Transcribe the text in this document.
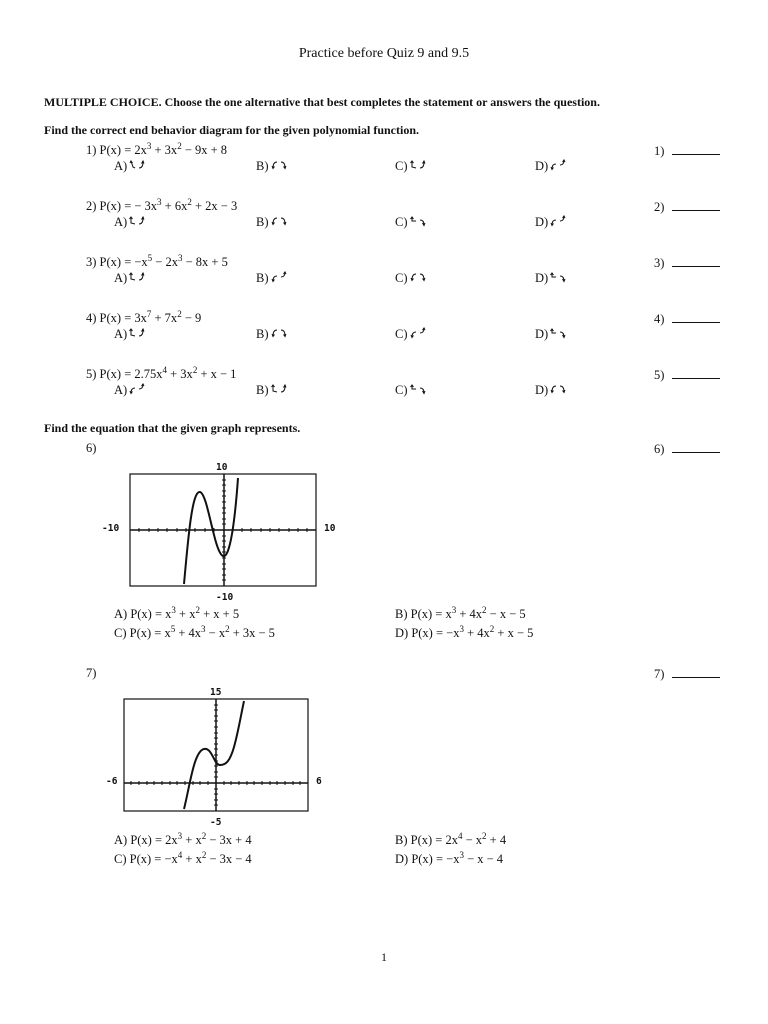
Practice before Quiz 9 and 9.5
MULTIPLE CHOICE. Choose the one alternative that best completes the statement or answers the question.
Find the correct end behavior diagram for the given polynomial function.
1) $P(x) = 2x^3 + 3x^2 - 9x + 8$	1)
A)	B)	C)	D)
2) P(x) = − $3x^3 + 6x^2 + 2x - 3$	2)
A)	B)	C)	D)
3) $P(x) = -x^5 - 2x^3 - 8x + 5$	3)
A)	B)	C)	D)
4) $P(x) = 3x^7 + 7x^2 - 9$	4)
A)	B)	C)	D)
5) $P(x) = 2.75x^4 + 3x^2 + x - 1$	5)
A)	B)	C)	D)
Find the equation that the given graph represents.
6)	6)
10
-10
-10	10
A) $P(x) = x^3 + x^2 + x + 5$	B) $P(x) = x^3 + 4x^2 - x - 5$
C) $P(x) = x^5 + 4x^3 - x^2 + 3x - 5$	D) $P(x) = -x^3 + 4x^2 + x - 5$
7)	7)
15
-5
-6	6
A) $P(x) = 2x^3 + x^2 - 3x + 4$	B) $P(x) = 2x^4 - x^2 + 4$
C) $P(x) = -x^4 + x^2 - 3x - 4$	D) $P(x) = -x^3 - x - 4$
1
